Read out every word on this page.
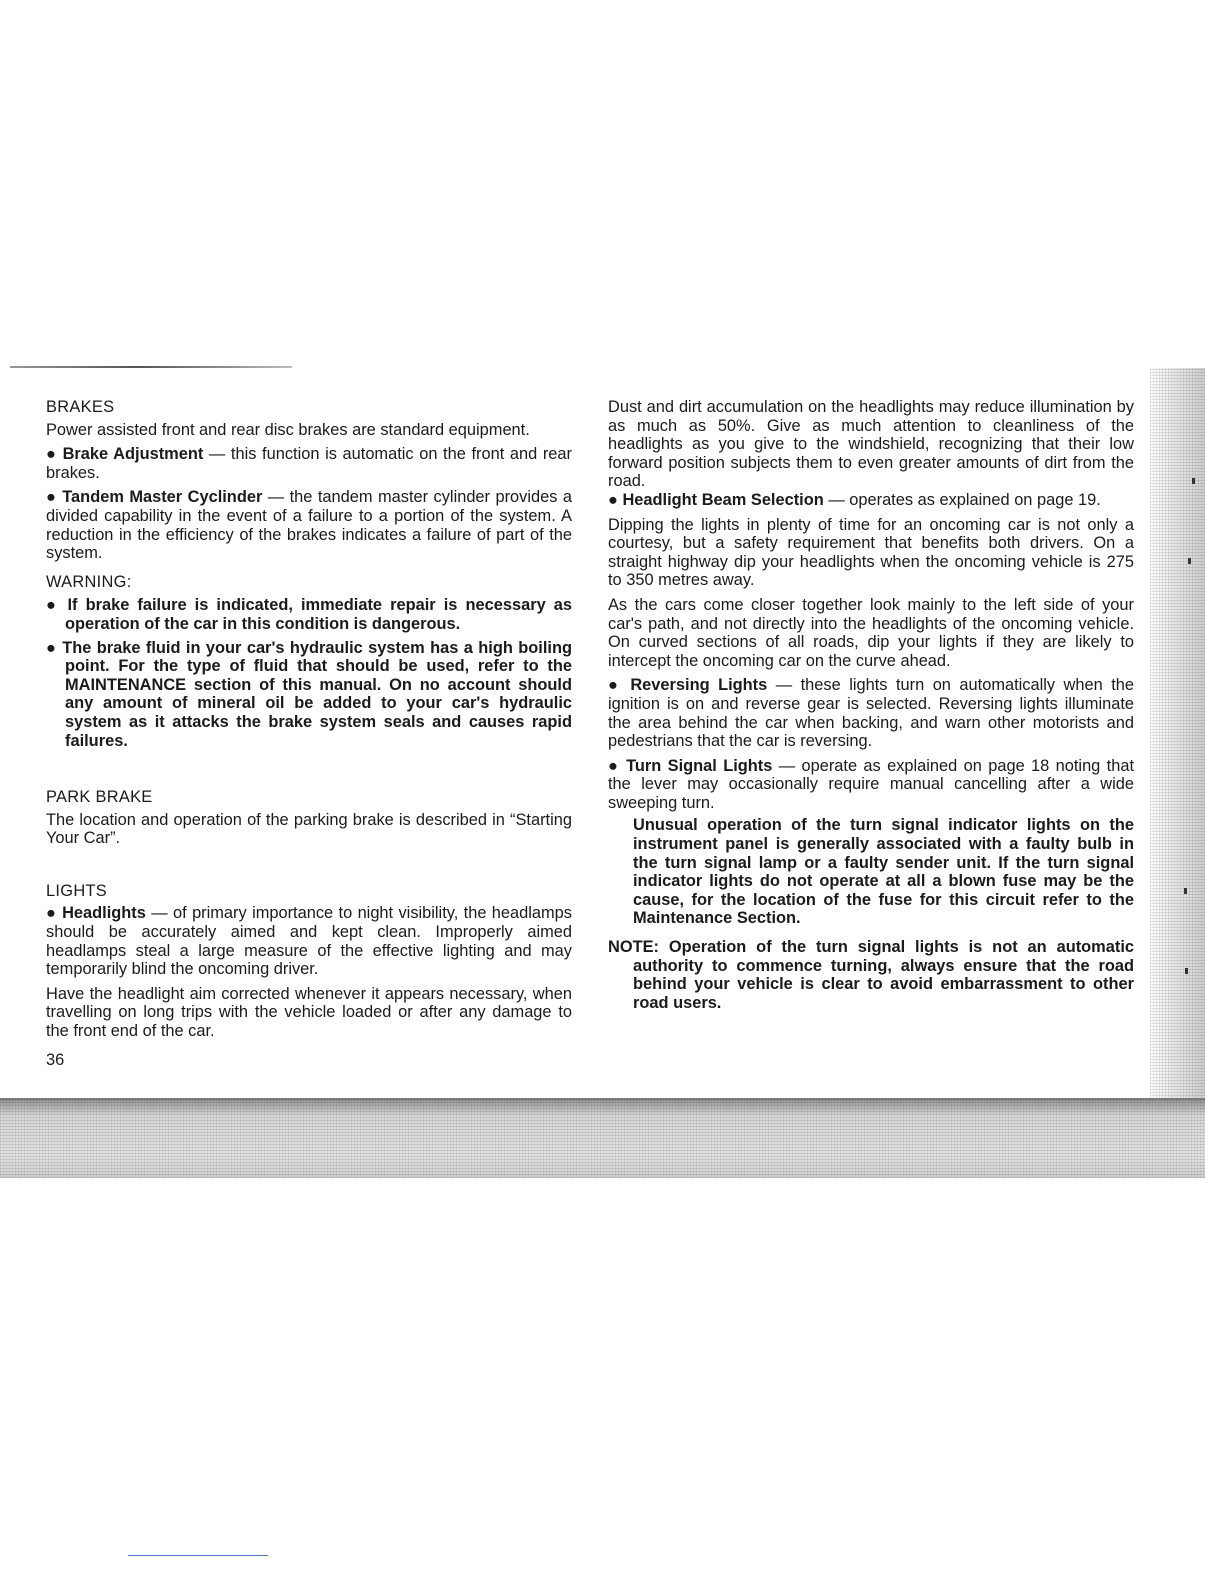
BRAKES

Power assisted front and rear disc brakes are standard equipment.

● Brake Adjustment — this function is automatic on the front and rear brakes.

● Tandem Master Cyclinder — the tandem master cylinder provides a divided capability in the event of a failure to a portion of the system. A reduction in the efficiency of the brakes indicates a failure of part of the system.

WARNING:

● If brake failure is indicated, immediate repair is necessary as operation of the car in this condition is dangerous.

● The brake fluid in your car's hydraulic system has a high boiling point. For the type of fluid that should be used, refer to the MAINTENANCE section of this manual. On no account should any amount of mineral oil be added to your car's hydraulic system as it attacks the brake system seals and causes rapid failures.

PARK BRAKE

The location and operation of the parking brake is described in “Starting Your Car”.

LIGHTS

● Headlights — of primary importance to night visibility, the headlamps should be accurately aimed and kept clean. Improperly aimed headlamps steal a large measure of the effective lighting and may temporarily blind the oncoming driver.

Have the headlight aim corrected whenever it appears necessary, when travelling on long trips with the vehicle loaded or after any damage to the front end of the car.

36

Dust and dirt accumulation on the headlights may reduce illumination by as much as 50%. Give as much attention to cleanliness of the headlights as you give to the windshield, recognizing that their low forward position subjects them to even greater amounts of dirt from the road.

● Headlight Beam Selection — operates as explained on page 19.

Dipping the lights in plenty of time for an oncoming car is not only a courtesy, but a safety requirement that benefits both drivers. On a straight highway dip your headlights when the oncoming vehicle is 275 to 350 metres away.

As the cars come closer together look mainly to the left side of your car's path, and not directly into the headlights of the oncoming vehicle. On curved sections of all roads, dip your lights if they are likely to intercept the oncoming car on the curve ahead.

● Reversing Lights — these lights turn on automatically when the ignition is on and reverse gear is selected. Reversing lights illuminate the area behind the car when backing, and warn other motorists and pedestrians that the car is reversing.

● Turn Signal Lights — operate as explained on page 18 noting that the lever may occasionally require manual cancelling after a wide sweeping turn.

Unusual operation of the turn signal indicator lights on the instrument panel is generally associated with a faulty bulb in the turn signal lamp or a faulty sender unit. If the turn signal indicator lights do not operate at all a blown fuse may be the cause, for the location of the fuse for this circuit refer to the Maintenance Section.

NOTE: Operation of the turn signal lights is not an automatic authority to commence turning, always ensure that the road behind your vehicle is clear to avoid embarrassment to other road users.
